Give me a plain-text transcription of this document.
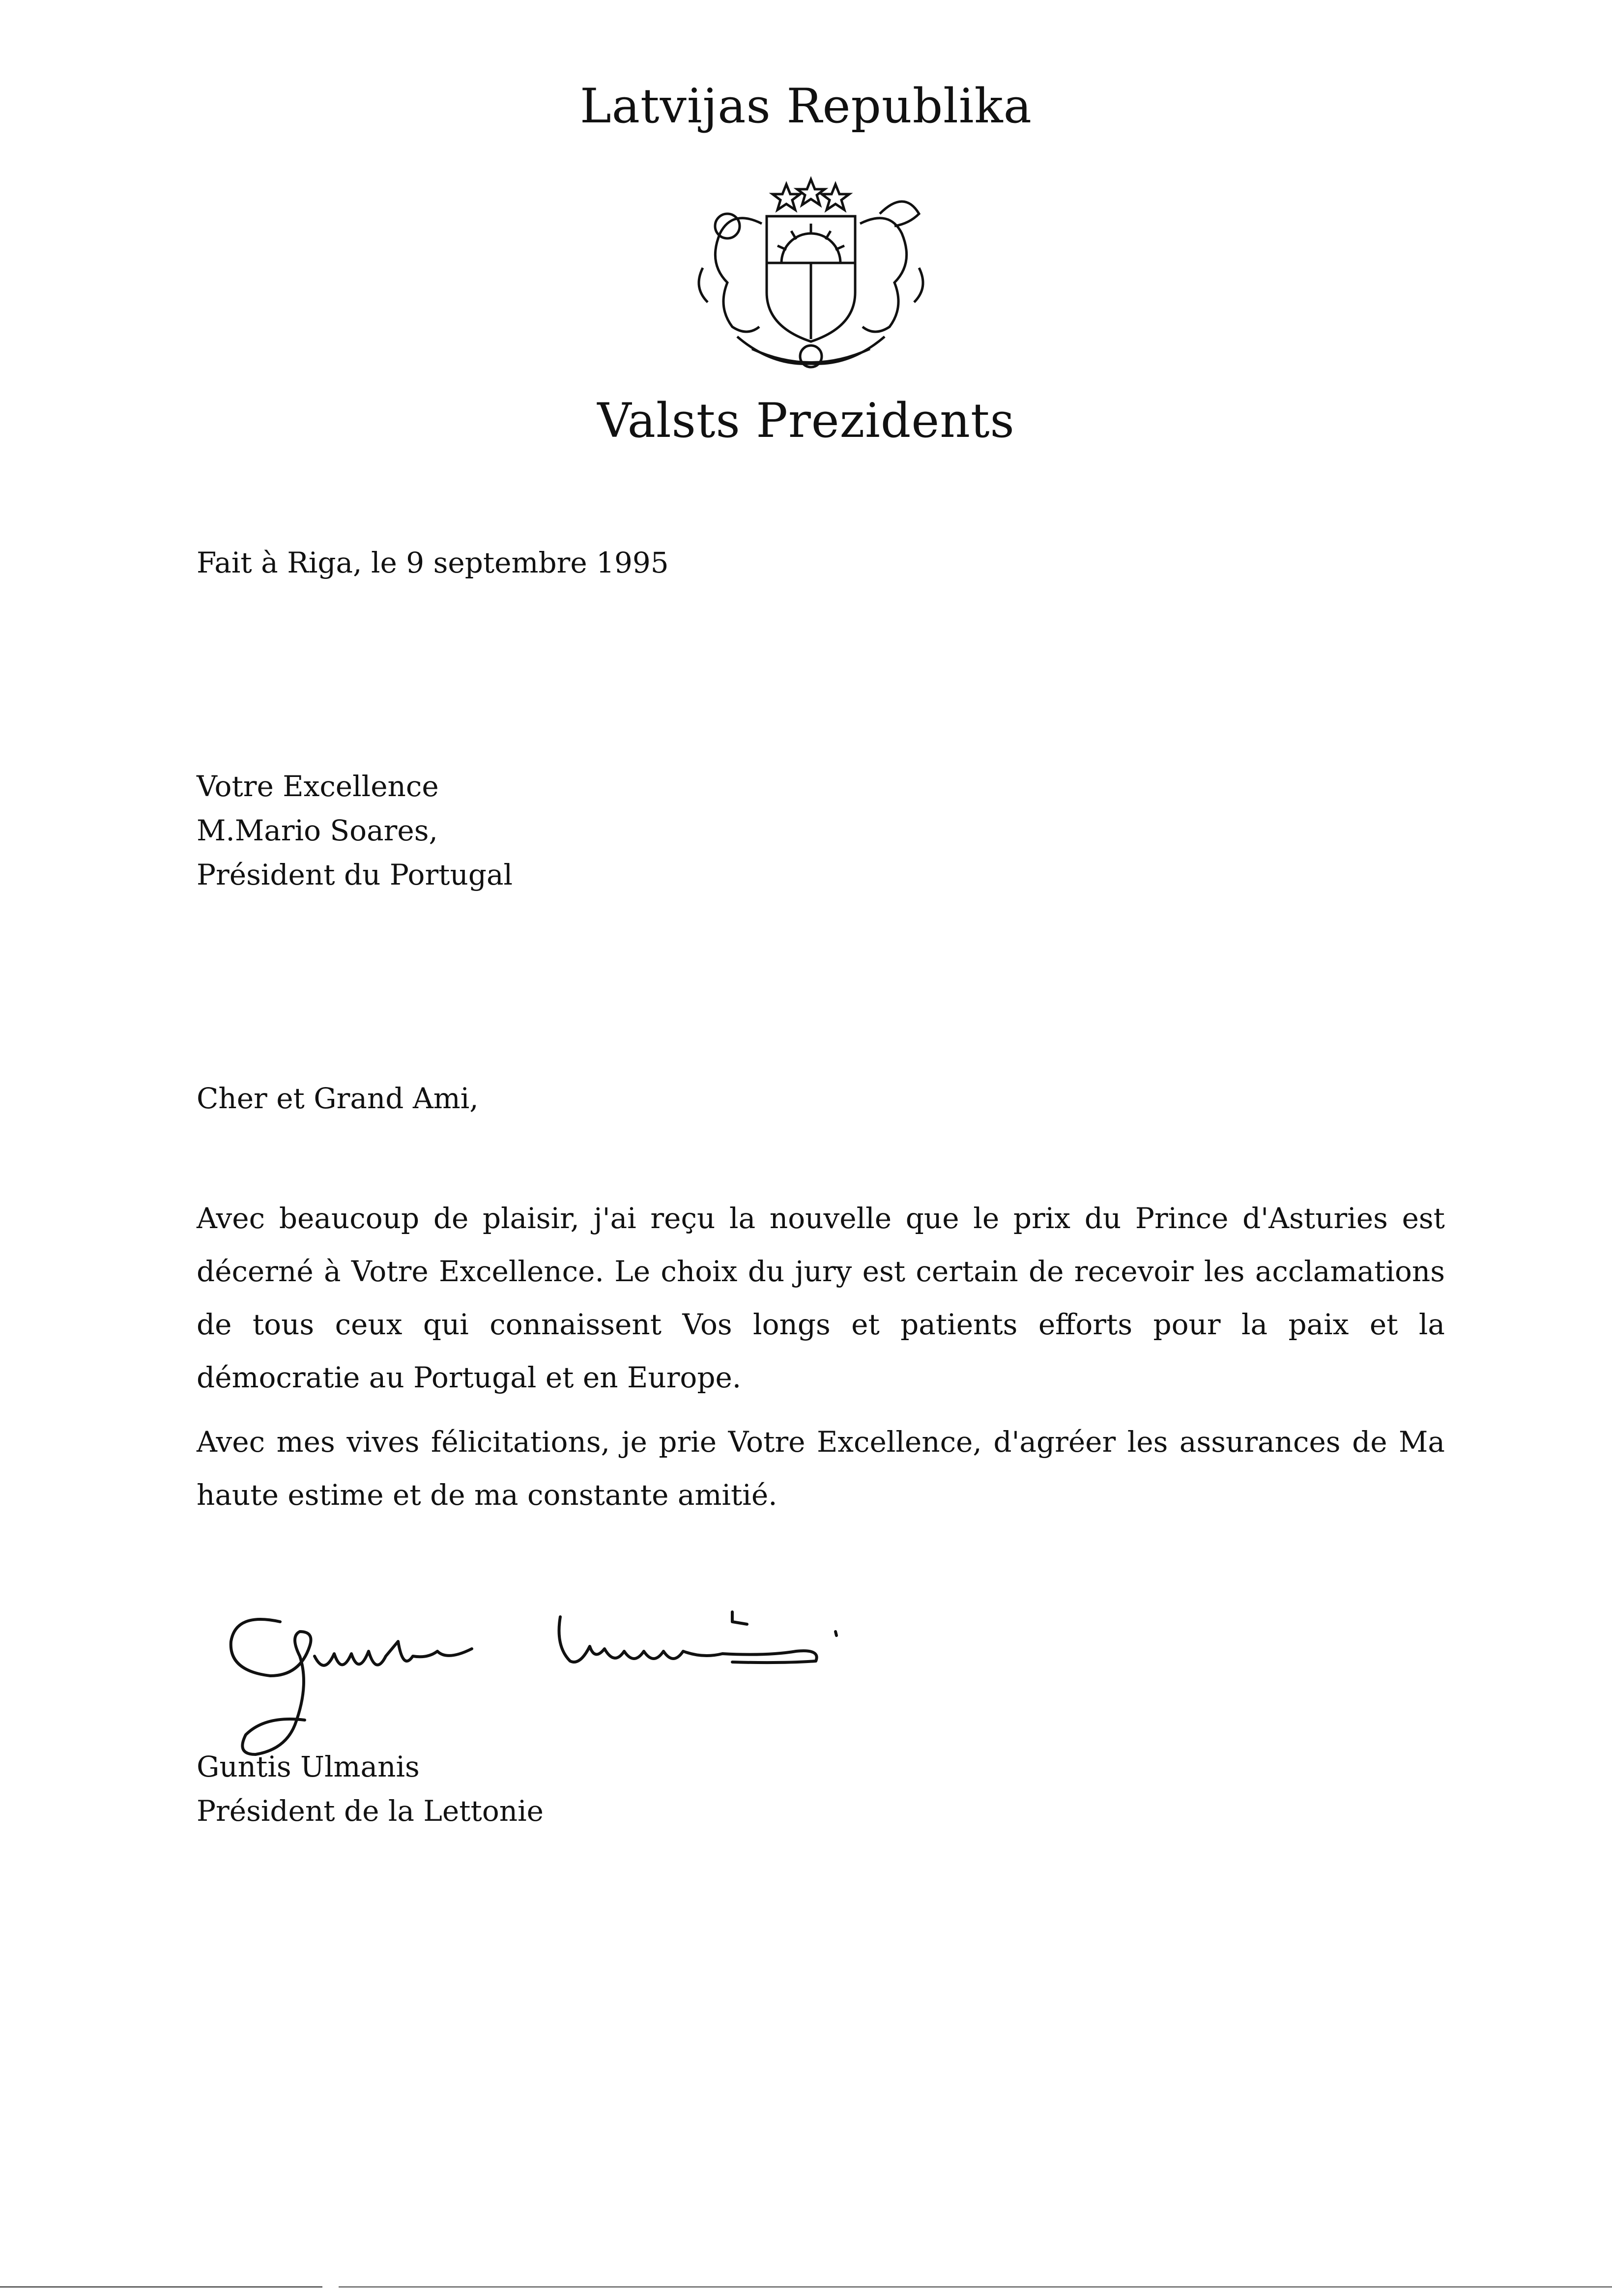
Latvijas Republika
Valsts Prezidents
Fait à Riga, le 9 septembre 1995
Votre Excellence
M.Mario Soares,
Président du Portugal
Cher et Grand Ami,
Avec beaucoup de plaisir, j'ai reçu la nouvelle que le prix du Prince d'Asturies est décerné à Votre Excellence. Le choix du jury est certain de recevoir les acclamations de tous ceux qui connaissent Vos longs et patients efforts pour la paix et la démocratie au Portugal et en Europe.
Avec mes vives félicitations, je prie Votre Excellence, d'agréer les assurances de Ma haute estime et de ma constante amitié.
Guntis Ulmanis
Président de la Lettonie
